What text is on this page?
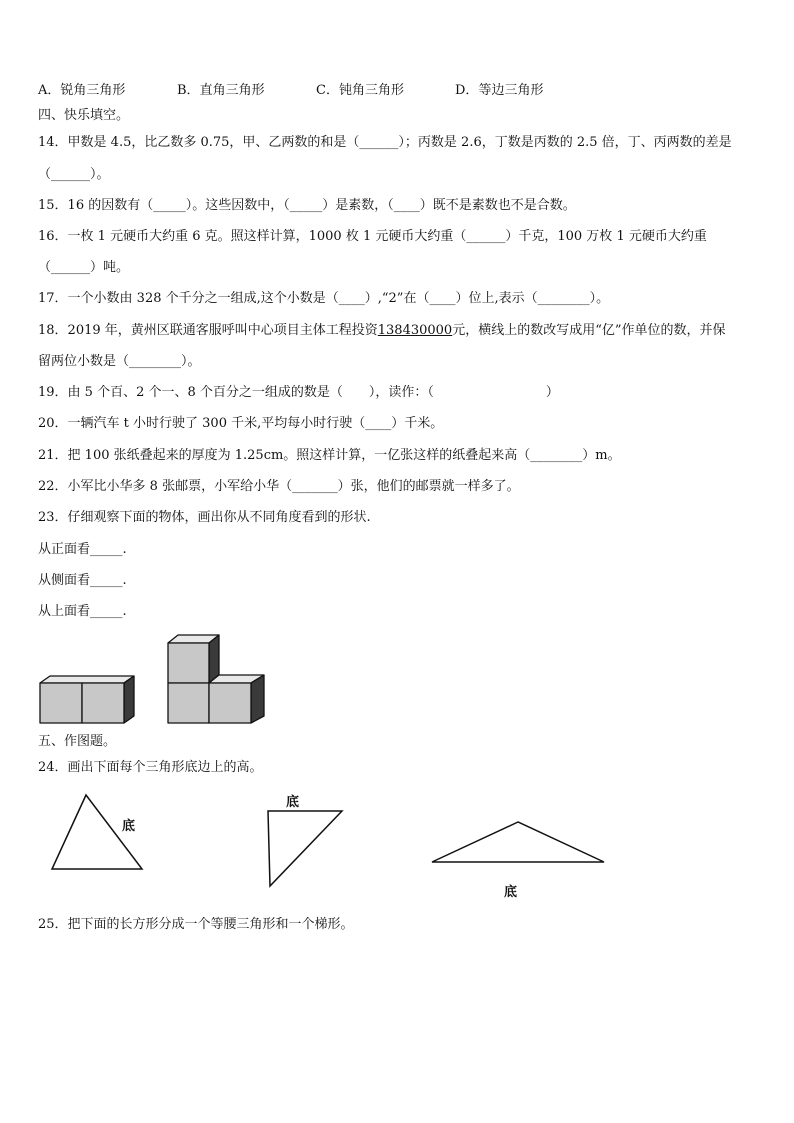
A．锐角三角形	B．直角三角形	C．钝角三角形	D．等边三角形
四、快乐填空。
14．甲数是 4.5，比乙数多 0.75，甲、乙两数的和是（______）；丙数是 2.6，丁数是丙数的 2.5 倍，丁、丙两数的差是
（______）。
15．16 的因数有（_____）。这些因数中，（_____）是素数，（____）既不是素数也不是合数。
16．一枚 1 元硬币大约重 6 克。照这样计算，1000 枚 1 元硬币大约重（______）千克，100 万枚 1 元硬币大约重
（______）吨。
17．一个小数由 328 个千分之一组成,这个小数是（____）,“2”在（____）位上,表示（________）。
18．2019 年，黄州区联通客服呼叫中心项目主体工程投资138430000元，横线上的数改写成用“亿”作单位的数，并保
留两位小数是（________）。
19．由 5 个百、2 个一、8 个百分之一组成的数是（　　），读作：（	）
20．一辆汽车 t 小时行驶了 300 千米,平均每小时行驶（____）千米。
21．把 100 张纸叠起来的厚度为 1.25cm。照这样计算，一亿张这样的纸叠起来高（________）m。
22．小军比小华多 8 张邮票，小军给小华（_______）张，他们的邮票就一样多了。
23．仔细观察下面的物体，画出你从不同角度看到的形状.
从正面看_____.
从侧面看_____.
从上面看_____.
五、作图题。
24．画出下面每个三角形底边上的高。
底
底
底
25．把下面的长方形分成一个等腰三角形和一个梯形。
